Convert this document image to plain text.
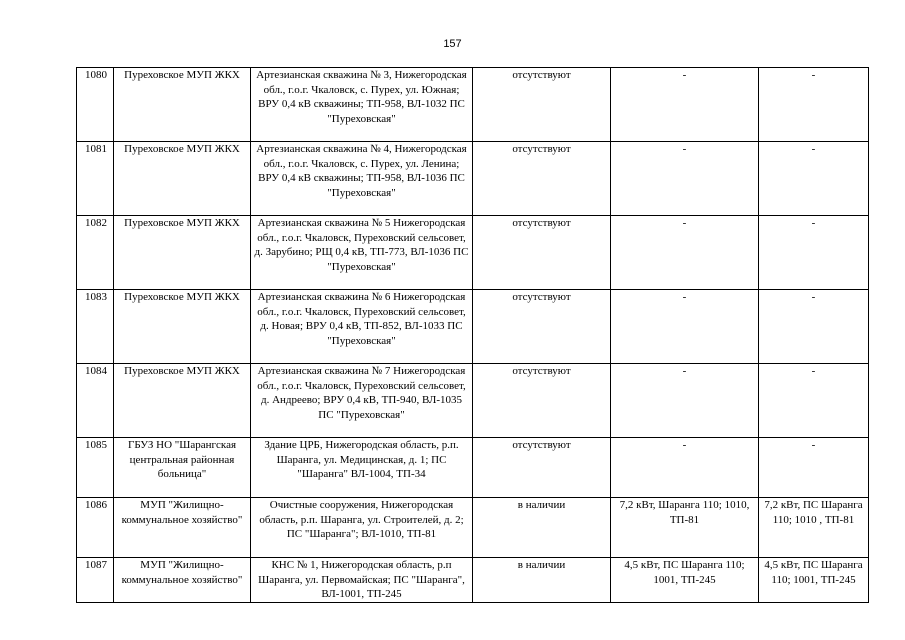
157
1080	Пуреховское МУП ЖКХ	Артезианская скважина № 3, Нижегородская обл., г.о.г. Чкаловск, с. Пурех, ул. Южная; ВРУ 0,4 кВ скважины; ТП-958, ВЛ-1032 ПС "Пуреховская"	отсутствуют	-	-
1081	Пуреховское МУП ЖКХ	Артезианская скважина № 4, Нижегородская обл., г.о.г. Чкаловск, с. Пурех, ул. Ленина; ВРУ 0,4 кВ скважины; ТП-958, ВЛ-1036 ПС "Пуреховская"	отсутствуют	-	-
1082	Пуреховское МУП ЖКХ	Артезианская скважина № 5 Нижегородская обл., г.о.г. Чкаловск, Пуреховский сельсовет, д. Зарубино; РЩ 0,4 кВ, ТП-773, ВЛ-1036 ПС "Пуреховская"	отсутствуют	-	-
1083	Пуреховское МУП ЖКХ	Артезианская скважина № 6 Нижегородская обл., г.о.г. Чкаловск, Пуреховский сельсовет, д. Новая; ВРУ 0,4 кВ, ТП-852, ВЛ-1033 ПС "Пуреховская"	отсутствуют	-	-
1084	Пуреховское МУП ЖКХ	Артезианская скважина № 7 Нижегородская обл., г.о.г. Чкаловск, Пуреховский сельсовет, д. Андреево; ВРУ 0,4 кВ, ТП-940, ВЛ-1035 ПС "Пуреховская"	отсутствуют	-	-
1085	ГБУЗ НО "Шарангская центральная районная больница"	Здание ЦРБ, Нижегородская область, р.п. Шаранга, ул. Медицинская, д. 1; ПС "Шаранга" ВЛ-1004, ТП-34	отсутствуют	-	-
1086	МУП "Жилищно-коммунальное хозяйство"	Очистные сооружения, Нижегородская область, р.п. Шаранга, ул. Строителей, д. 2; ПС "Шаранга"; ВЛ-1010, ТП-81	в наличии	7,2 кВт, Шаранга 110; 1010, ТП-81	7,2 кВт, ПС Шаранга 110; 1010 , ТП-81
1087	МУП "Жилищно-коммунальное хозяйство"	КНС № 1, Нижегородская область, р.п Шаранга, ул. Первомайская; ПС "Шаранга", ВЛ-1001, ТП-245	в наличии	4,5 кВт, ПС Шаранга 110; 1001, ТП-245	4,5 кВт, ПС Шаранга 110; 1001, ТП-245
